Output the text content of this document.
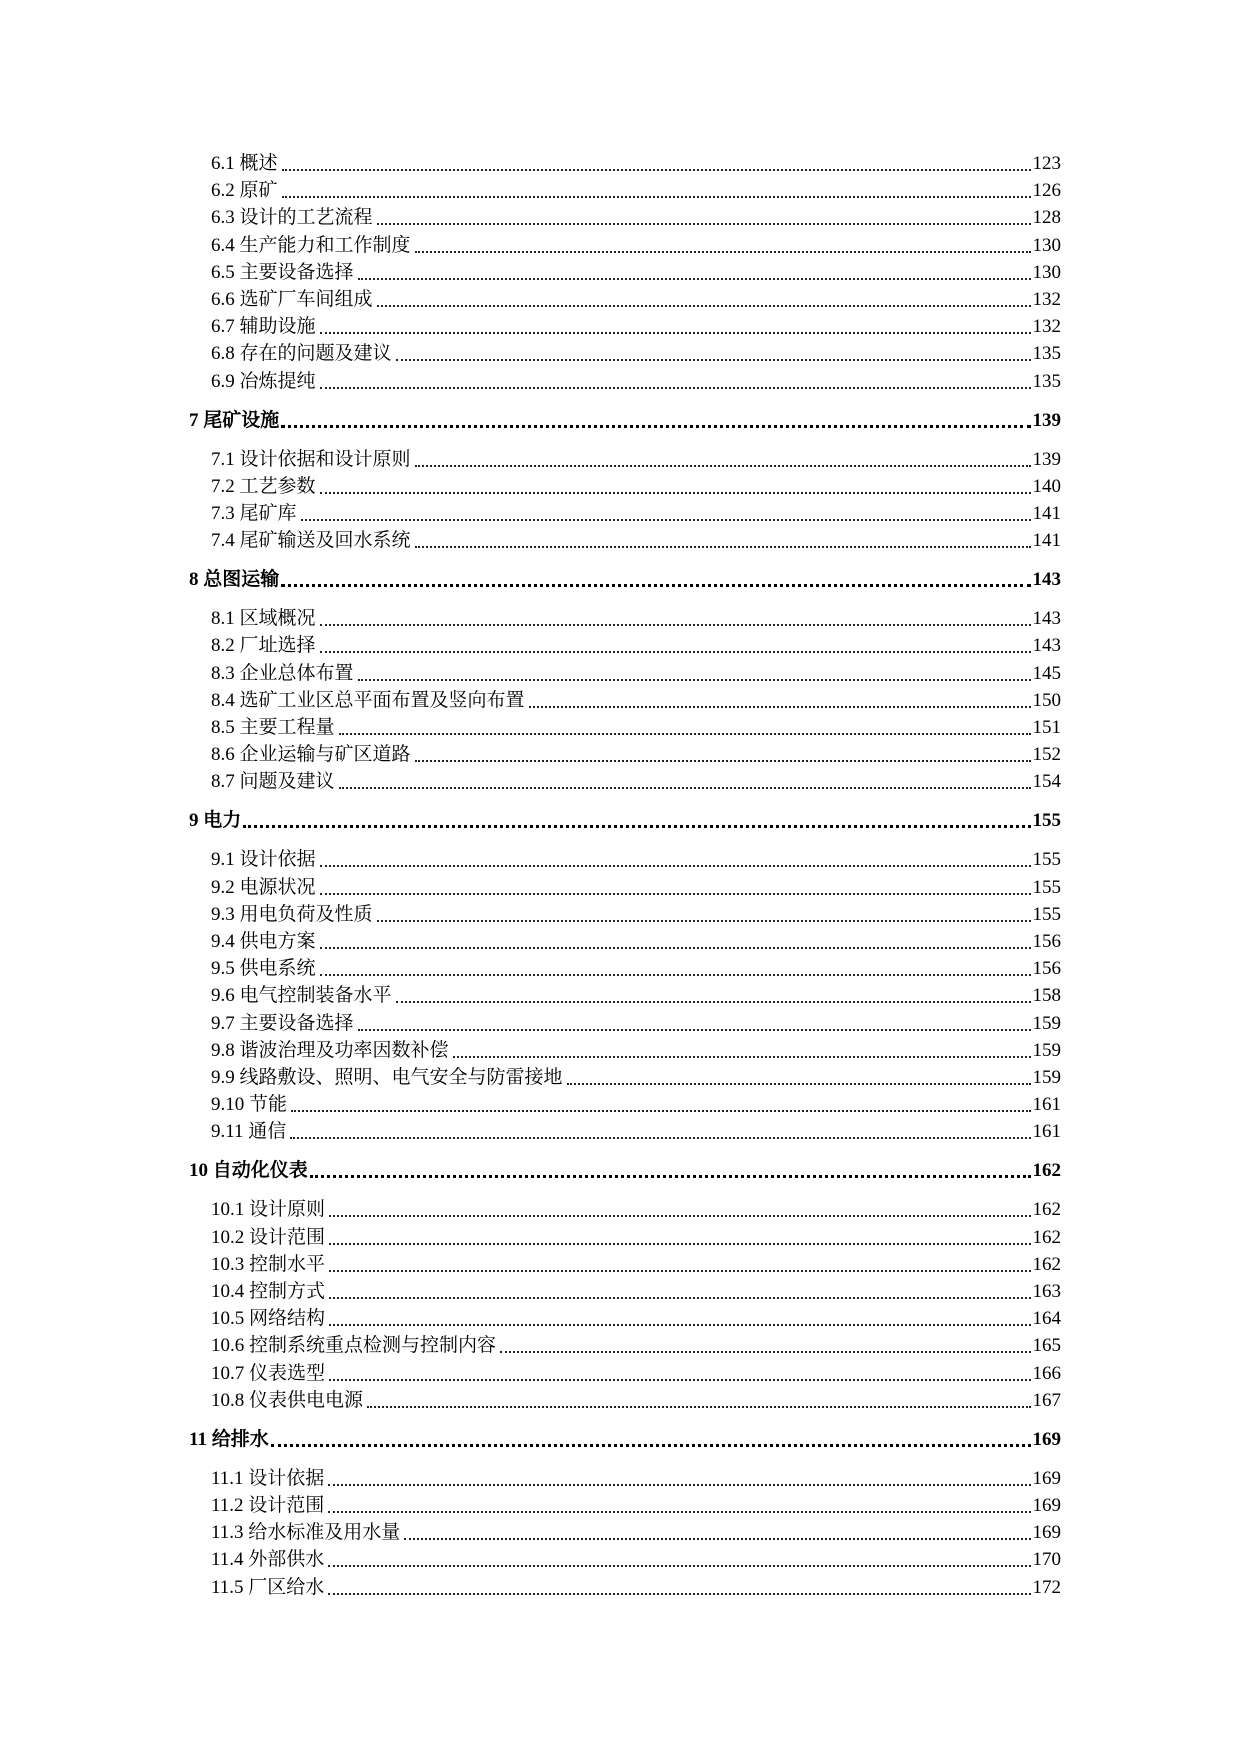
6.1 概述	123
6.2 原矿	126
6.3 设计的工艺流程	128
6.4 生产能力和工作制度	130
6.5 主要设备选择	130
6.6 选矿厂车间组成	132
6.7 辅助设施	132
6.8 存在的问题及建议	135
6.9 冶炼提纯	135
7 尾矿设施	139
7.1 设计依据和设计原则	139
7.2 工艺参数	140
7.3 尾矿库	141
7.4 尾矿输送及回水系统	141
8 总图运输	143
8.1 区域概况	143
8.2 厂址选择	143
8.3 企业总体布置	145
8.4 选矿工业区总平面布置及竖向布置	150
8.5 主要工程量	151
8.6 企业运输与矿区道路	152
8.7 问题及建议	154
9 电力	155
9.1 设计依据	155
9.2 电源状况	155
9.3 用电负荷及性质	155
9.4 供电方案	156
9.5 供电系统	156
9.6 电气控制装备水平	158
9.7 主要设备选择	159
9.8 谐波治理及功率因数补偿	159
9.9 线路敷设、照明、电气安全与防雷接地	159
9.10 节能	161
9.11 通信	161
10 自动化仪表	162
10.1 设计原则	162
10.2 设计范围	162
10.3 控制水平	162
10.4 控制方式	163
10.5 网络结构	164
10.6 控制系统重点检测与控制内容	165
10.7 仪表选型	166
10.8 仪表供电电源	167
11 给排水	169
11.1 设计依据	169
11.2 设计范围	169
11.3 给水标准及用水量	169
11.4 外部供水	170
11.5 厂区给水	172
